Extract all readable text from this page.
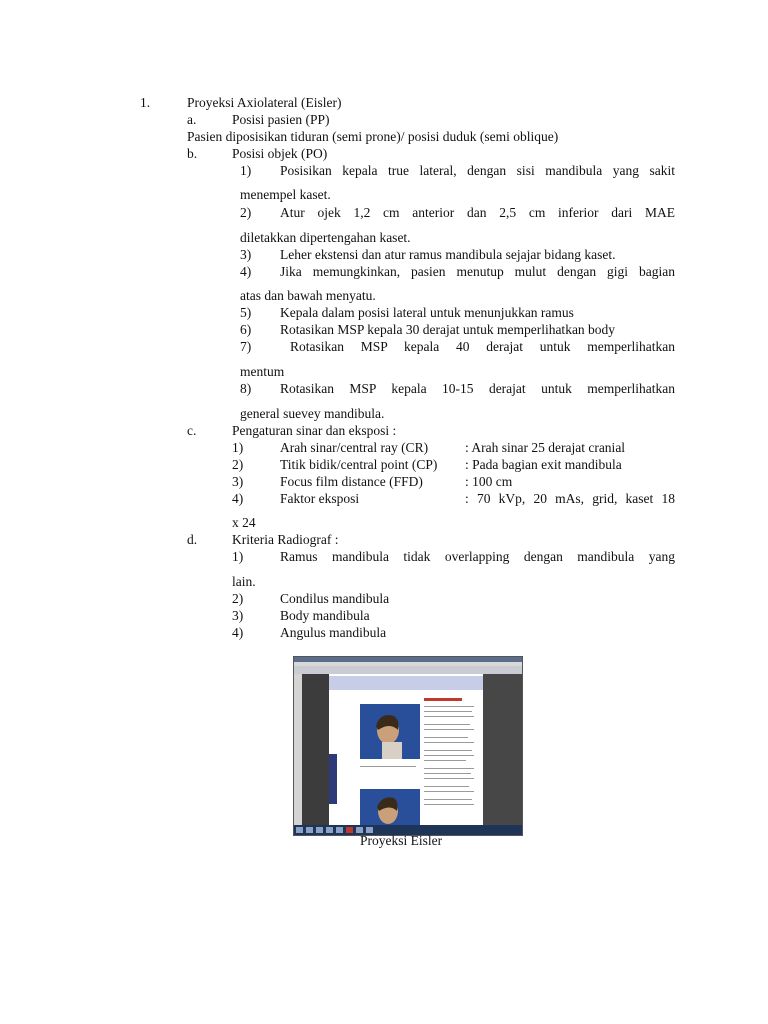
1.	Proyeksi Axiolateral (Eisler)
a.	Posisi pasien (PP)
Pasien diposisikan tiduran (semi prone)/ posisi duduk (semi oblique)
b.	Posisi objek (PO)
1) Posisikan kepala true lateral, dengan sisi mandibula yang sakit
menempel kaset.
2) Atur ojek 1,2 cm anterior dan 2,5 cm inferior dari MAE
diletakkan dipertengahan kaset.
3) Leher ekstensi dan atur ramus mandibula sejajar bidang kaset.
4) Jika memungkinkan, pasien menutup mulut dengan gigi bagian
atas dan bawah menyatu.
5) Kepala dalam posisi lateral untuk menunjukkan ramus
6) Rotasikan MSP kepala 30 derajat untuk memperlihatkan body
7)	Rotasikan MSP kepala 40 derajat untuk memperlihatkan
mentum
8) Rotasikan MSP kepala 10-15 derajat untuk memperlihatkan
general suevey mandibula.
c.	Pengaturan sinar dan eksposi :
1)	Arah sinar/central ray (CR)	: Arah sinar 25 derajat cranial
2)	Titik bidik/central point (CP) : Pada bagian exit mandibula
3)	Focus film distance (FFD)	: 100 cm
4)	Faktor eksposi	: 70 kVp, 20 mAs, grid, kaset 18
x 24
d.	Kriteria Radiograf :
1)	Ramus mandibula tidak overlapping dengan mandibula yang
lain.
2)	Condilus mandibula
3)	Body mandibula
4)	Angulus mandibula
Proyeksi Eisler
